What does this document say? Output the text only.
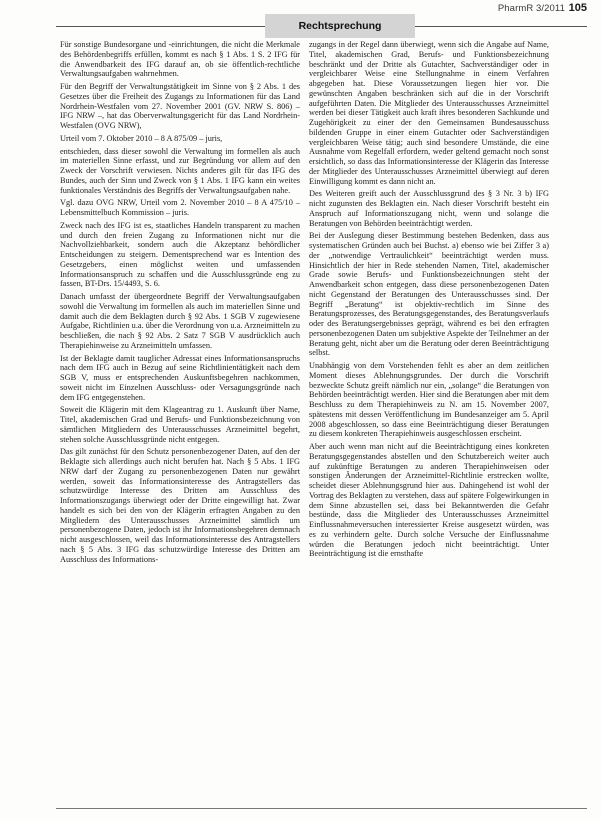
Rechtsprechung
PharmR 3/2011 105

Für sonstige Bundesorgane und -einrichtungen, die nicht die Merkmale des Behördenbegriffs erfüllen, kommt es nach § 1 Abs. 1 S. 2 IFG für die Anwendbarkeit des IFG darauf an, ob sie öffentlich-rechtliche Verwaltungsaufgaben wahrnehmen.

Für den Begriff der Verwaltungstätigkeit im Sinne von § 2 Abs. 1 des Gesetzes über die Freiheit des Zugangs zu Informationen für das Land Nordrhein-Westfalen vom 27. November 2001 (GV. NRW S. 806) – IFG NRW –, hat das Oberverwaltungsgericht für das Land Nordrhein-Westfalen (OVG NRW),

Urteil vom 7. Oktober 2010 – 8 A 875/09 – juris,

entschieden, dass dieser sowohl die Verwaltung im formellen als auch im materiellen Sinne erfasst, und zur Begründung vor allem auf den Zweck der Vorschrift verwiesen. Nichts anderes gilt für das IFG des Bundes, auch der Sinn und Zweck von § 1 Abs. 1 IFG kann ein weites funktionales Verständnis des Begriffs der Verwaltungsaufgaben nahe.

Vgl. dazu OVG NRW, Urteil vom 2. November 2010 – 8 A 475/10 – Lebensmittelbuch Kommission – juris.

Zweck nach des IFG ist es, staatliches Handeln transparent zu machen und durch den freien Zugang zu Informationen nicht nur die Nachvollziehbarkeit, sondern auch die Akzeptanz behördlicher Entscheidungen zu steigern. Dementsprechend war es Intention des Gesetzgebers, einen möglichst weiten und umfassenden Informationsanspruch zu schaffen und die Ausschlussgründe eng zu fassen, BT-Drs. 15/4493, S. 6.

Danach umfasst der übergeordnete Begriff der Verwaltungsaufgaben sowohl die Verwaltung im formellen als auch im materiellen Sinne und damit auch die dem Beklagten durch § 92 Abs. 1 SGB V zugewiesene Aufgabe, Richtlinien u.a. über die Verordnung von u.a. Arzneimitteln zu beschließen, die nach § 92 Abs. 2 Satz 7 SGB V ausdrücklich auch Therapiehinweise zu Arzneimitteln umfassen.

Ist der Beklagte damit tauglicher Adressat eines Informationsanspruchs nach dem IFG auch in Bezug auf seine Richtlinientätigkeit nach dem SGB V, muss er entsprechenden Auskunftsbegehren nachkommen, soweit nicht im Einzelnen Ausschluss- oder Versagungsgründe nach dem IFG entgegenstehen.

Soweit die Klägerin mit dem Klageantrag zu 1. Auskunft über Name, Titel, akademischen Grad und Berufs- und Funktionsbezeichnung von sämtlichen Mitgliedern des Unterausschusses Arzneimittel begehrt, stehen solche Ausschlussgründe nicht entgegen.

Das gilt zunächst für den Schutz personenbezogener Daten, auf den der Beklagte sich allerdings auch nicht berufen hat. Nach § 5 Abs. 1 IFG NRW darf der Zugang zu personenbezogenen Daten nur gewährt werden, soweit das Informationsinteresse des Antragstellers das schutzwürdige Interesse des Dritten am Ausschluss des Informationszugangs überwiegt oder der Dritte eingewilligt hat. Zwar handelt es sich bei den von der Klägerin erfragten Angaben zu den Mitgliedern des Unterausschusses Arzneimittel sämtlich um personenbezogene Daten, jedoch ist ihr Informationsbegehren demnach nicht ausgeschlossen, weil das Informationsinteresse des Antragstellers nach § 5 Abs. 3 IFG das schutzwürdige Interesse des Dritten am Ausschluss des Informations-

zugangs in der Regel dann überwiegt, wenn sich die Angabe auf Name, Titel, akademischen Grad, Berufs- und Funktionsbezeichnung beschränkt und der Dritte als Gutachter, Sachverständiger oder in vergleichbarer Weise eine Stellungnahme in einem Verfahren abgegeben hat. Diese Voraussetzungen liegen hier vor. Die gewünschten Angaben beschränken sich auf die in der Vorschrift aufgeführten Daten. Die Mitglieder des Unterausschusses Arzneimittel werden bei dieser Tätigkeit auch kraft ihres besonderen Sachkunde und Zugehörigkeit zu einer der den Gemeinsamen Bundesausschuss bildenden Gruppe in einer einem Gutachter oder Sachverständigen vergleichbaren Weise tätig; auch sind besondere Umstände, die eine Ausnahme vom Regelfall erfordern, weder geltend gemacht noch sonst ersichtlich, so dass das Informationsinteresse der Klägerin das Interesse der Mitglieder des Unterausschusses Arzneimittel überwiegt auf deren Einwilligung kommt es dann nicht an.

Des Weiteren greift auch der Ausschlussgrund des § 3 Nr. 3 b) IFG nicht zugunsten des Beklagten ein. Nach dieser Vorschrift besteht ein Anspruch auf Informationszugang nicht, wenn und solange die Beratungen von Behörden beeinträchtigt werden.

Bei der Auslegung dieser Bestimmung bestehen Bedenken, dass aus systematischen Gründen auch bei Buchst. a) ebenso wie bei Ziffer 3 a) der „notwendige Vertraulichkeit“ beeinträchtigt werden muss. Hinsichtlich der hier in Rede stehenden Namen, Titel, akademischer Grade sowie Berufs- und Funktionsbezeichnungen steht der Anwendbarkeit schon entgegen, dass diese personenbezogenen Daten nicht Gegenstand der Beratungen des Unterausschusses sind. Der Begriff „Beratung“ ist objektiv-rechtlich im Sinne des Beratungsprozesses, des Beratungsgegenstandes, des Beratungsverlaufs oder des Beratungsergebnisses geprägt, während es bei den erfragten personenbezogenen Daten um subjektive Aspekte der Teilnehmer an der Beratung geht, nicht aber um die Beratung oder deren Beeinträchtigung selbst.

Unabhängig von dem Vorstehenden fehlt es aber an dem zeitlichen Moment dieses Ablehnungsgrundes. Der durch die Vorschrift bezweckte Schutz greift nämlich nur ein, „solange“ die Beratungen von Behörden beeinträchtigt werden. Hier sind die Beratungen aber mit dem Beschluss zu dem Therapiehinweis zu N. am 15. November 2007, spätestens mit dessen Veröffentlichung im Bundesanzeiger am 5. April 2008 abgeschlossen, so dass eine Beeinträchtigung dieser Beratungen zu diesem konkreten Therapiehinweis ausgeschlossen erscheint.

Aber auch wenn man nicht auf die Beeinträchtigung eines konkreten Beratungsgegenstandes abstellen und den Schutzbereich weiter auch auf zukünftige Beratungen zu anderen Therapiehinweisen oder sonstigen Änderungen der Arzneimittel-Richtlinie erstrecken wollte, scheidet dieser Ablehnungsgrund hier aus. Dahingehend ist wohl der Vortrag des Beklagten zu verstehen, dass auf spätere Folgewirkungen in dem Sinne abzustellen sei, dass bei Bekanntwerden die Gefahr bestünde, dass die Mitglieder des Unterausschusses Arzneimittel Einflussnahmeversuchen interessierter Kreise ausgesetzt würden, was es zu verhindern gelte. Durch solche Versuche der Einflussnahme würden die Beratungen jedoch nicht beeinträchtigt. Unter Beeinträchtigung ist die ernsthafte
